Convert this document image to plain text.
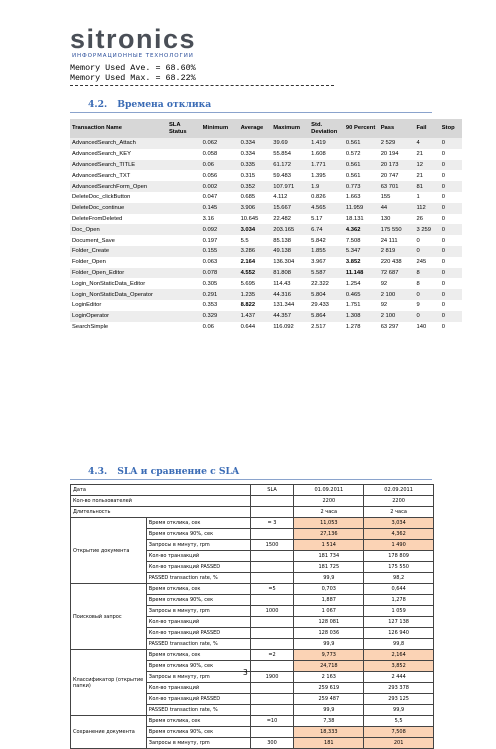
sitronics
ИНФОРМАЦИОННЫЕ ТЕХНОЛОГИИ
Memory Used Ave. = 68.60%
Memory Used Max. = 68.22%
4.2. Времена отклика
Transaction Name	SLA Status	Minimum	Average	Maximum	Std. Deviation	90 Percent	Pass	Fail	Stop
AdvancedSearch_Attach		0.062	0.334	39.69	1.419	0.561	2 529	4	0
AdvancedSearch_KEY		0.058	0.334	55.854	1.608	0.572	20 194	21	0
AdvancedSearch_TITLE		0.06	0.335	61.172	1.771	0.561	20 173	12	0
AdvancedSearch_TXT		0.056	0.315	59.483	1.395	0.561	20 747	21	0
AdvancedSearchForm_Open		0.002	0.352	107.971	1.9	0.773	63 701	81	0
DeleteDoc_clickButton		0.047	0.685	4.112	0.826	1.663	155	1	0
DeleteDoc_continue		0.145	3.906	15.667	4.565	11.959	44	112	0
DeleteFromDeleted		3.16	10.645	22.482	5.17	18.131	130	26	0
Doc_Open		0.092	3.034	203.165	6.74	4.362	175 550	3 259	0
Document_Save		0.197	5.5	85.138	5.842	7.508	24 111	0	0
Folder_Create		0.155	3.286	49.138	1.855	5.347	2 819	0	0
Folder_Open		0.063	2.164	136.304	3.967	3.852	220 438	245	0
Folder_Open_Editor		0.078	4.552	81.808	5.587	11.148	72 687	8	0
Login_NonStaticData_Editor		0.305	5.695	114.43	22.322	1.254	92	8	0
Login_NonStaticData_Operator		0.291	1.235	44.316	5.804	0.465	2 100	0	0
LoginEditor		0.353	8.822	131.344	29.433	1.751	92	9	0
LoginOperator		0.329	1.437	44.357	5.864	1.308	2 100	0	0
SearchSimple		0.06	0.644	116.092	2.517	1.278	63 297	140	0
4.3. SLA и сравнение с SLA
Дата		SLA	01.09.2011	02.09.2011
Кол-во пользователей			2200	2200
Длительность			2 часа	2 часа
Открытие документа	Время отклика, сек	= 3	11,053	3,034
	Время отклика 90%, сек		27,136	4,362
	Запросы в минуту, rpm	1500	1 514	1 490
	Кол-во транзакций		181 734	178 809
	Кол-во транзакций PASSED		181 725	175 550
	PASSED transaction rate, %		99,9	98,2
Поисковый запрос	Время отклика, сек	=5	0,703	0,644
	Время отклика 90%, сек		1,887	1,278
	Запросы в минуту, rpm	1000	1 067	1 059
	Кол-во транзакций		128 081	127 138
	Кол-во транзакций PASSED		128 036	126 940
	PASSED transaction rate, %		99,9	99,8
Классификатор (открытие папки)	Время отклика, сек	=2	9,773	2,164
	Время отклика 90%, сек		24,718	3,852
	Запросы в минуту, rpm	1900	2 163	2 444
	Кол-во транзакций		259 619	293 378
	Кол-во транзакций PASSED		259 487	293 125
	PASSED transaction rate, %		99,9	99,9
Сохранение документа	Время отклика, сек	=10	7,38	5,5
	Время отклика 90%, сек		18,333	7,508
	Запросы в минуту, rpm	300	181	201
3
